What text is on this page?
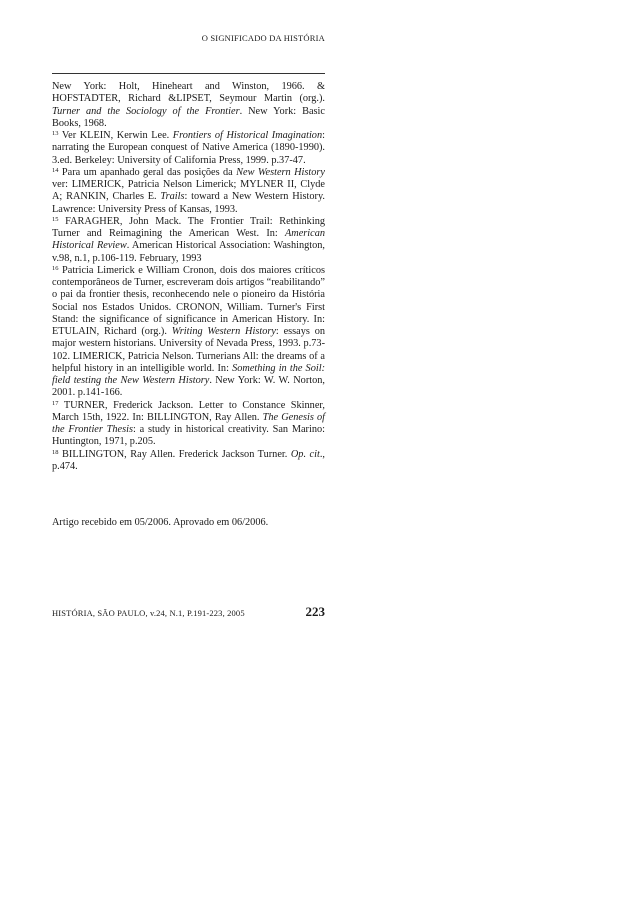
O SIGNIFICADO DA HISTÓRIA

New York: Holt, Hineheart and Winston, 1966. & HOFSTADTER, Richard &LIPSET, Seymour Martin (org.). Turner and the Sociology of the Frontier. New York: Basic Books, 1968.

$^{13}$ Ver KLEIN, Kerwin Lee. Frontiers of Historical Imagination: narrating the European conquest of Native America (1890-1990). 3.ed. Berkeley: University of California Press, 1999. p.37-47.

$^{14}$ Para um apanhado geral das posições da New Western History ver: LIMERICK, Patricia Nelson Limerick; MYLNER II, Clyde A; RANKIN, Charles E. Trails: toward a New Western History. Lawrence: University Press of Kansas, 1993.

$^{15}$ FARAGHER, John Mack. The Frontier Trail: Rethinking Turner and Reimagining the American West. In: American Historical Review. American Historical Association: Washington, v.98, n.1, p.106-119. February, 1993

$^{16}$ Patricia Limerick e William Cronon, dois dos maiores críticos contemporâneos de Turner, escreveram dois artigos “reabilitando” o pai da frontier thesis, reconhecendo nele o pioneiro da História Social nos Estados Unidos. CRONON, William. Turner's First Stand: the significance of significance in American History. In: ETULAIN, Richard (org.). Writing Western History: essays on major western historians. University of Nevada Press, 1993. p.73-102. LIMERICK, Patricia Nelson. Turnerians All: the dreams of a helpful history in an intelligible world. In: Something in the Soil: field testing the New Western History. New York: W. W. Norton, 2001. p.141-166.

$^{17}$ TURNER, Frederick Jackson. Letter to Constance Skinner, March 15th, 1922. In: BILLINGTON, Ray Allen. The Genesis of the Frontier Thesis: a study in historical creativity. San Marino: Huntington, 1971, p.205.

$^{18}$ BILLINGTON, Ray Allen. Frederick Jackson Turner. Op. cit., p.474.

Artigo recebido em 05/2006. Aprovado em 06/2006.
HISTÓRIA, SÃO PAULO, v.24, N.1, P.191-223, 2005	223
